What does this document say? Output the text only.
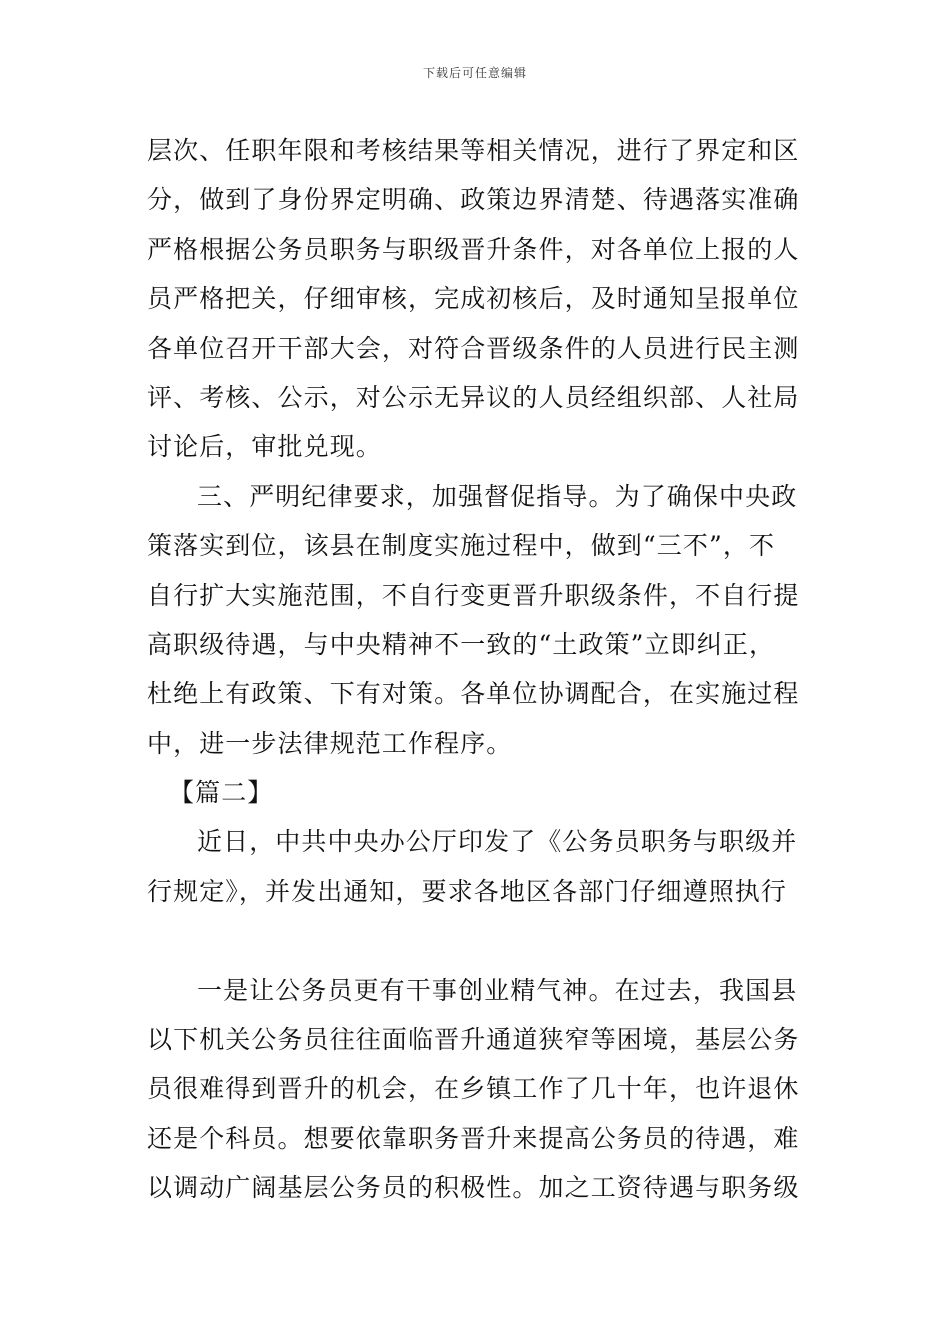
下载后可任意编辑
层次、任职年限和考核结果等相关情况，进行了界定和区
分，做到了身份界定明确、政策边界清楚、待遇落实准确
严格根据公务员职务与职级晋升条件，对各单位上报的人
员严格把关，仔细审核，完成初核后，及时通知呈报单位
各单位召开干部大会，对符合晋级条件的人员进行民主测
评、考核、公示，对公示无异议的人员经组织部、人社局
讨论后，审批兑现。
三、严明纪律要求，加强督促指导。为了确保中央政
策落实到位，该县在制度实施过程中，做到“三不”，不
自行扩大实施范围，不自行变更晋升职级条件，不自行提
高职级待遇，与中央精神不一致的“土政策”立即纠正，
杜绝上有政策、下有对策。各单位协调配合，在实施过程
中，进一步法律规范工作程序。
【篇二】
近日，中共中央办公厅印发了《公务员职务与职级并
行规定》，并发出通知，要求各地区各部门仔细遵照执行
一是让公务员更有干事创业精气神。在过去，我国县
以下机关公务员往往面临晋升通道狭窄等困境，基层公务
员很难得到晋升的机会，在乡镇工作了几十年，也许退休
还是个科员。想要依靠职务晋升来提高公务员的待遇，难
以调动广阔基层公务员的积极性。加之工资待遇与职务级
